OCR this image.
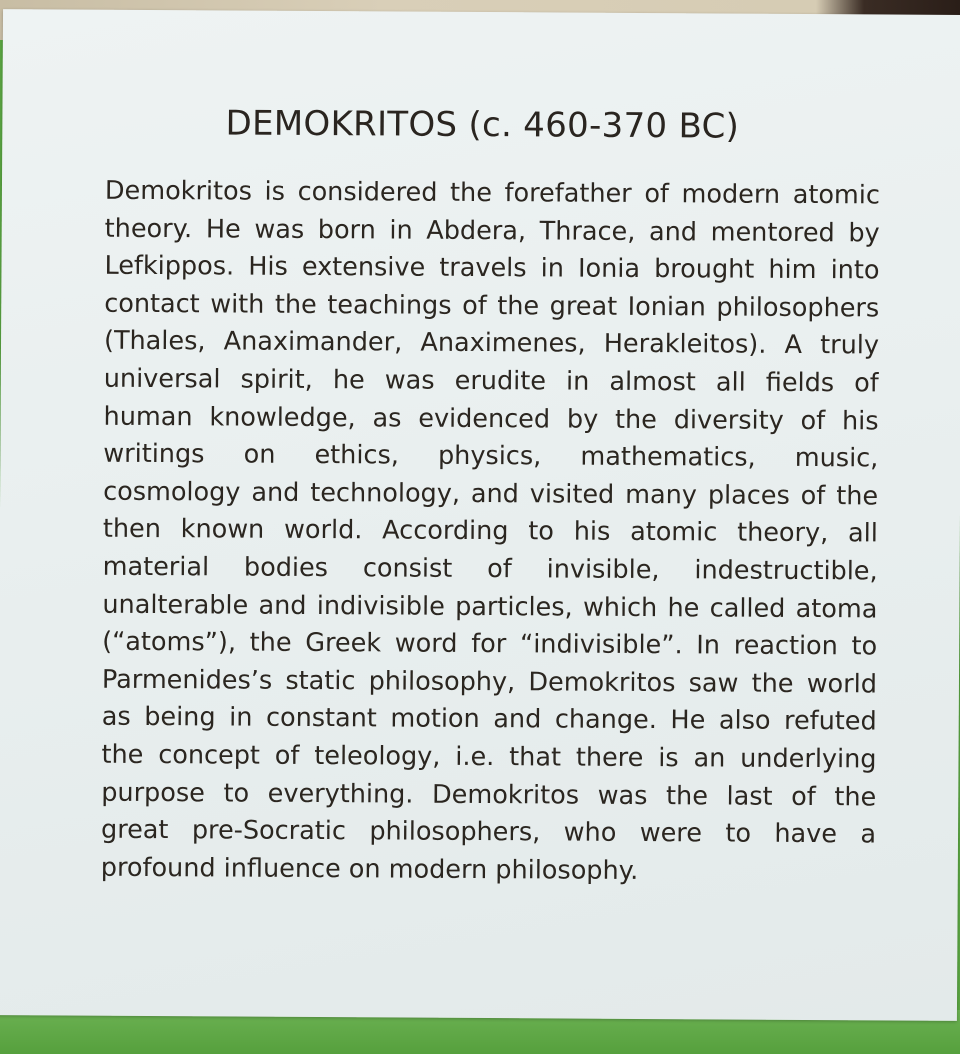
DEMOKRITOS (c. 460-370 BC)
Demokritos is considered the forefather of modern atomic
theory. He was born in Abdera, Thrace, and mentored by
Lefkippos. His extensive travels in Ionia brought him into
contact with the teachings of the great Ionian philosophers
(Thales, Anaximander, Anaximenes, Herakleitos). A truly
universal spirit, he was erudite in almost all fields of
human knowledge, as evidenced by the diversity of his
writings on ethics, physics, mathematics, music,
cosmology and technology, and visited many places of the
then known world. According to his atomic theory, all
material bodies consist of invisible, indestructible,
unalterable and indivisible particles, which he called atoma
(“atoms”), the Greek word for “indivisible”. In reaction to
Parmenides’s static philosophy, Demokritos saw the world
as being in constant motion and change. He also refuted
the concept of teleology, i.e. that there is an underlying
purpose to everything. Demokritos was the last of the
great pre-Socratic philosophers, who were to have a
profound influence on modern philosophy.
